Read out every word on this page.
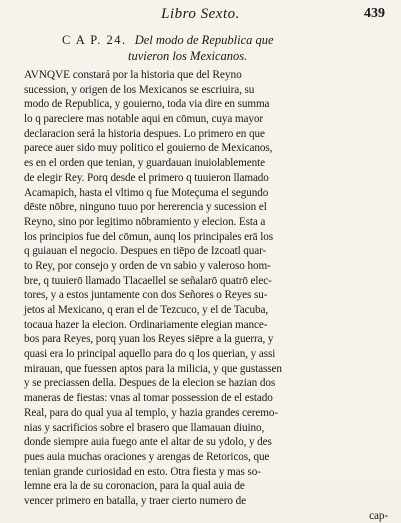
Libro Sexto.	439
C A P. 24. Del modo de Republica que
tuvieron los Mexicanos.
AVNQVE constará por la historia que del Reyno
sucession, y origen de los Mexicanos se escriuira, su
modo de Republica, y gouierno, toda via dire en summa
lo q pareciere mas notable aqui en cōmun, cuya mayor
declaracion será la historia despues. Lo primero en que
parece auer sido muy politico el gouierno de Mexicanos,
es en el orden que tenian, y guardauan inuiolablemente
de elegir Rey. Porq desde el primero q tuuieron llamado
Acamapich, hasta el vltimo q fue Moteçuma el segundo
dēste nōbre, ninguno tuuo por hererencia y sucession el
Reyno, sino por legitimo nōbramiento y elecion. Esta a
los principios fue del cōmun, aunq los principales erā los
q guiauan el negocio. Despues en tiēpo de Izcoatl quar-
to Rey, por consejo y orden de vn sabio y valeroso hom-
bre, q tuuierō llamado Tlacaellel se señalarō quatrō elec-
tores, y a estos juntamente con dos Señores o Reyes su-
jetos al Mexicano, q eran el de Tezcuco, y el de Tacuba,
tocaua hazer la elecion. Ordinariamente elegian mance-
bos para Reyes, porq yuan los Reyes siēpre a la guerra, y
quasi era lo principal aquello para do q los querian, y assi
mirauan, que fuessen aptos para la milicia, y que gustassen
y se preciassen della. Despues de la elecion se hazian dos
maneras de fiestas: vnas al tomar possession de el estado
Real, para do qual yua al templo, y hazia grandes ceremo-
nias y sacrificios sobre el brasero que llamauan diuino,
donde siempre auia fuego ante el altar de su ydolo, y des
pues auia muchas oraciones y arengas de Retoricos, que
tenian grande curiosidad en esto. Otra fiesta y mas so-
lemne era la de su coronacion, para la qual auia de
vencer primero en batalla, y traer cierto numero de
cap-
